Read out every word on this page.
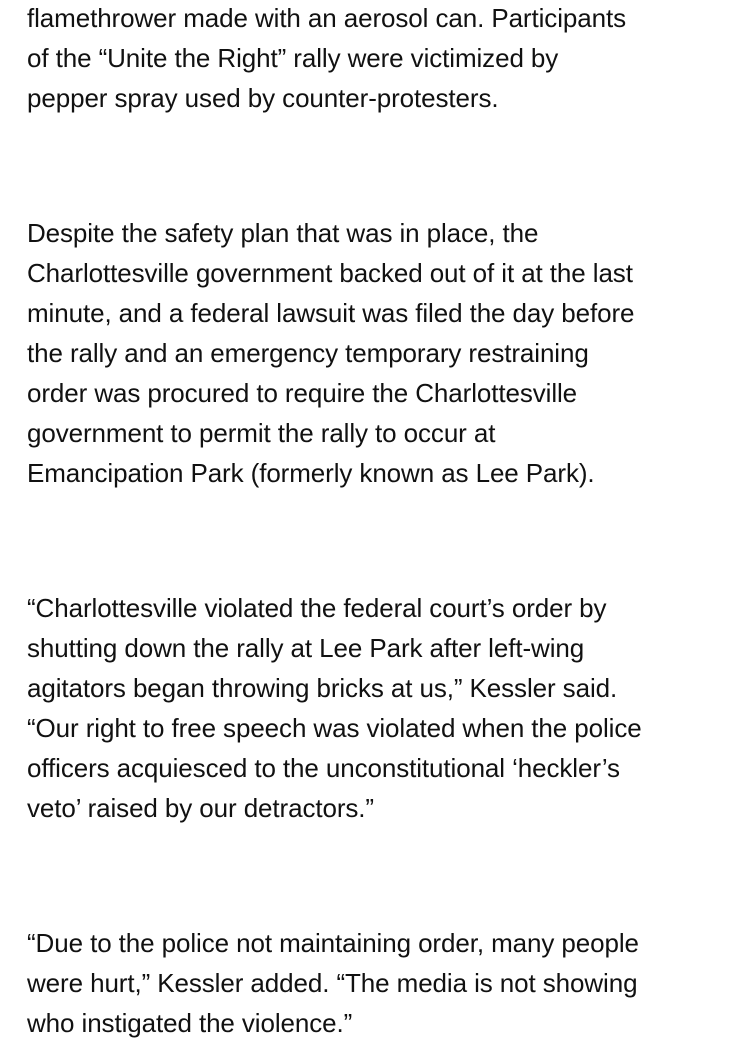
flamethrower made with an aerosol can. Participants
of the “Unite the Right” rally were victimized by
pepper spray used by counter-protesters.

Despite the safety plan that was in place, the
Charlottesville government backed out of it at the last
minute, and a federal lawsuit was filed the day before
the rally and an emergency temporary restraining
order was procured to require the Charlottesville
government to permit the rally to occur at
Emancipation Park (formerly known as Lee Park).

“Charlottesville violated the federal court’s order by
shutting down the rally at Lee Park after left-wing
agitators began throwing bricks at us,” Kessler said.
“Our right to free speech was violated when the police
officers acquiesced to the unconstitutional ‘heckler’s
veto’ raised by our detractors.”

“Due to the police not maintaining order, many people
were hurt,” Kessler added. “The media is not showing
who instigated the violence.”
